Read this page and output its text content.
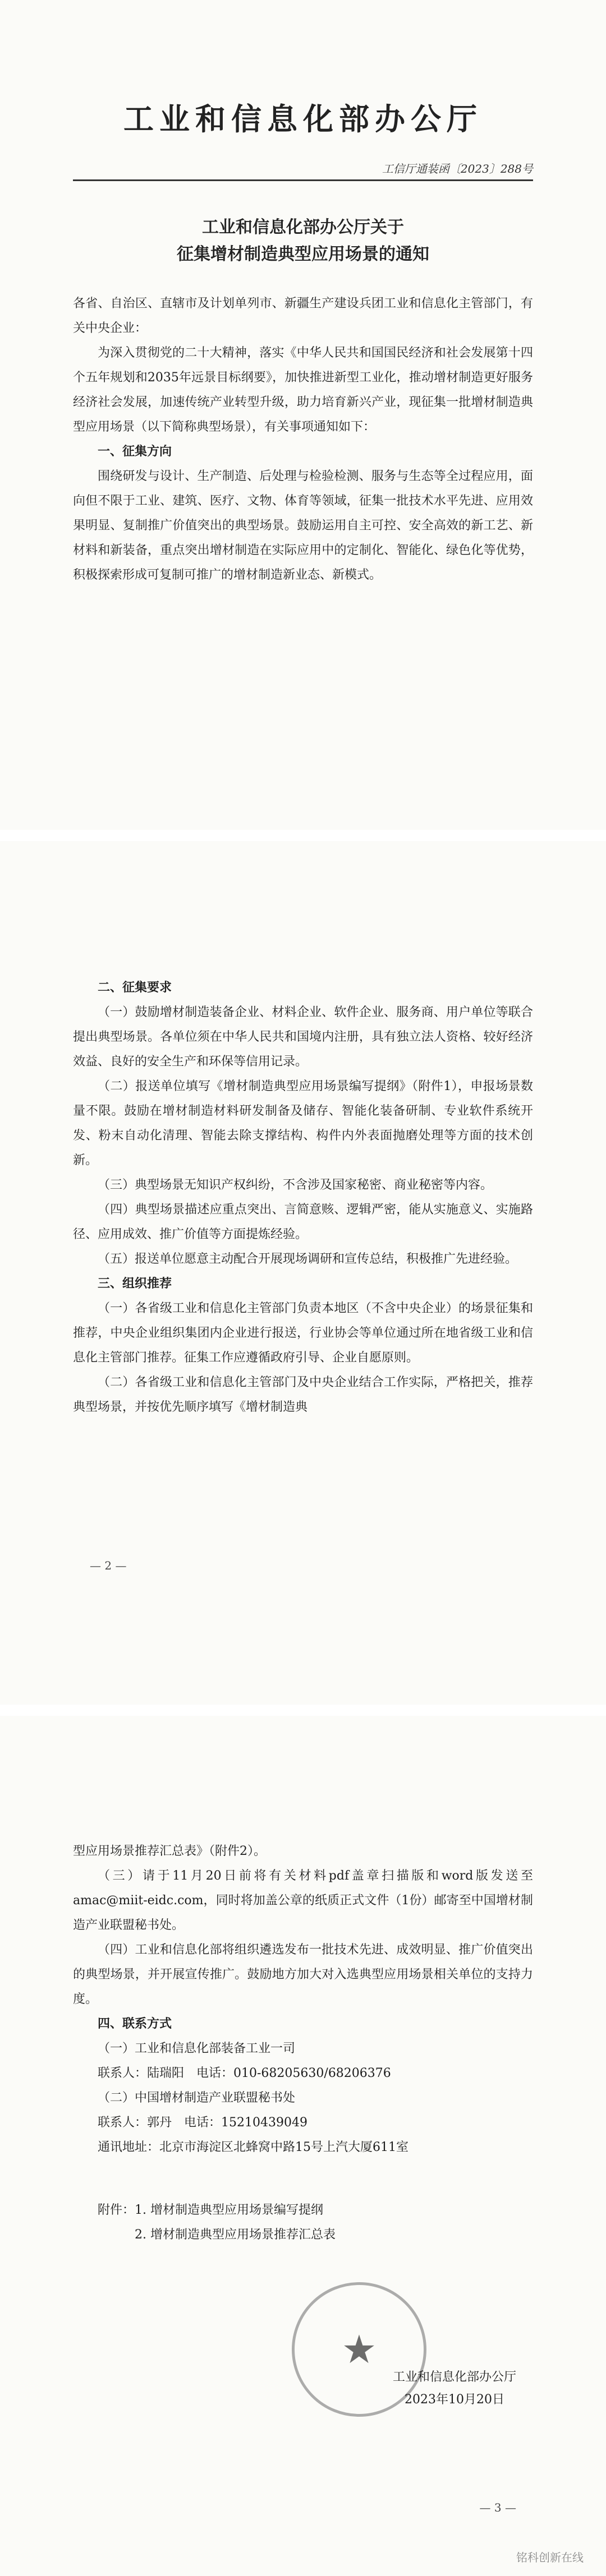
工业和信息化部办公厅
工信厅通装函〔2023〕288号
工业和信息化部办公厅关于
征集增材制造典型应用场景的通知

各省、自治区、直辖市及计划单列市、新疆生产建设兵团工业和信息化主管部门，有关中央企业：

为深入贯彻党的二十大精神，落实《中华人民共和国国民经济和社会发展第十四个五年规划和2035年远景目标纲要》，加快推进新型工业化，推动增材制造更好服务经济社会发展，加速传统产业转型升级，助力培育新兴产业，现征集一批增材制造典型应用场景（以下简称典型场景），有关事项通知如下：

一、征集方向

围绕研发与设计、生产制造、后处理与检验检测、服务与生态等全过程应用，面向但不限于工业、建筑、医疗、文物、体育等领域，征集一批技术水平先进、应用效果明显、复制推广价值突出的典型场景。鼓励运用自主可控、安全高效的新工艺、新材料和新装备，重点突出增材制造在实际应用中的定制化、智能化、绿色化等优势，积极探索形成可复制可推广的增材制造新业态、新模式。

二、征集要求

（一）鼓励增材制造装备企业、材料企业、软件企业、服务商、用户单位等联合提出典型场景。各单位须在中华人民共和国境内注册，具有独立法人资格、较好经济效益、良好的安全生产和环保等信用记录。

（二）报送单位填写《增材制造典型应用场景编写提纲》（附件1），申报场景数量不限。鼓励在增材制造材料研发制备及储存、智能化装备研制、专业软件系统开发、粉末自动化清理、智能去除支撑结构、构件内外表面抛磨处理等方面的技术创新。

（三）典型场景无知识产权纠纷，不含涉及国家秘密、商业秘密等内容。

（四）典型场景描述应重点突出、言简意赅、逻辑严密，能从实施意义、实施路径、应用成效、推广价值等方面提炼经验。

（五）报送单位愿意主动配合开展现场调研和宣传总结，积极推广先进经验。

三、组织推荐

（一）各省级工业和信息化主管部门负责本地区（不含中央企业）的场景征集和推荐，中央企业组织集团内企业进行报送，行业协会等单位通过所在地省级工业和信息化主管部门推荐。征集工作应遵循政府引导、企业自愿原则。

（二）各省级工业和信息化主管部门及中央企业结合工作实际，严格把关，推荐典型场景，并按优先顺序填写《增材制造典

— 2 —

型应用场景推荐汇总表》（附件2）。

（三）请于11月20日前将有关材料pdf盖章扫描版和word版发送至amac@miit-eidc.com，同时将加盖公章的纸质正式文件（1份）邮寄至中国增材制造产业联盟秘书处。

（四）工业和信息化部将组织遴选发布一批技术先进、成效明显、推广价值突出的典型场景，并开展宣传推广。鼓励地方加大对入选典型应用场景相关单位的支持力度。

四、联系方式

（一）工业和信息化部装备工业一司

联系人：陆瑞阳　电话：010-68205630/68206376

（二）中国增材制造产业联盟秘书处

联系人：郭丹　电话：15210439049

通讯地址：北京市海淀区北蜂窝中路15号上汽大厦611室

附件：1. 增材制造典型应用场景编写提纲
2. 增材制造典型应用场景推荐汇总表
★
工业和信息化部办公厅
2023年10月20日
— 3 —
铭科创新在线
